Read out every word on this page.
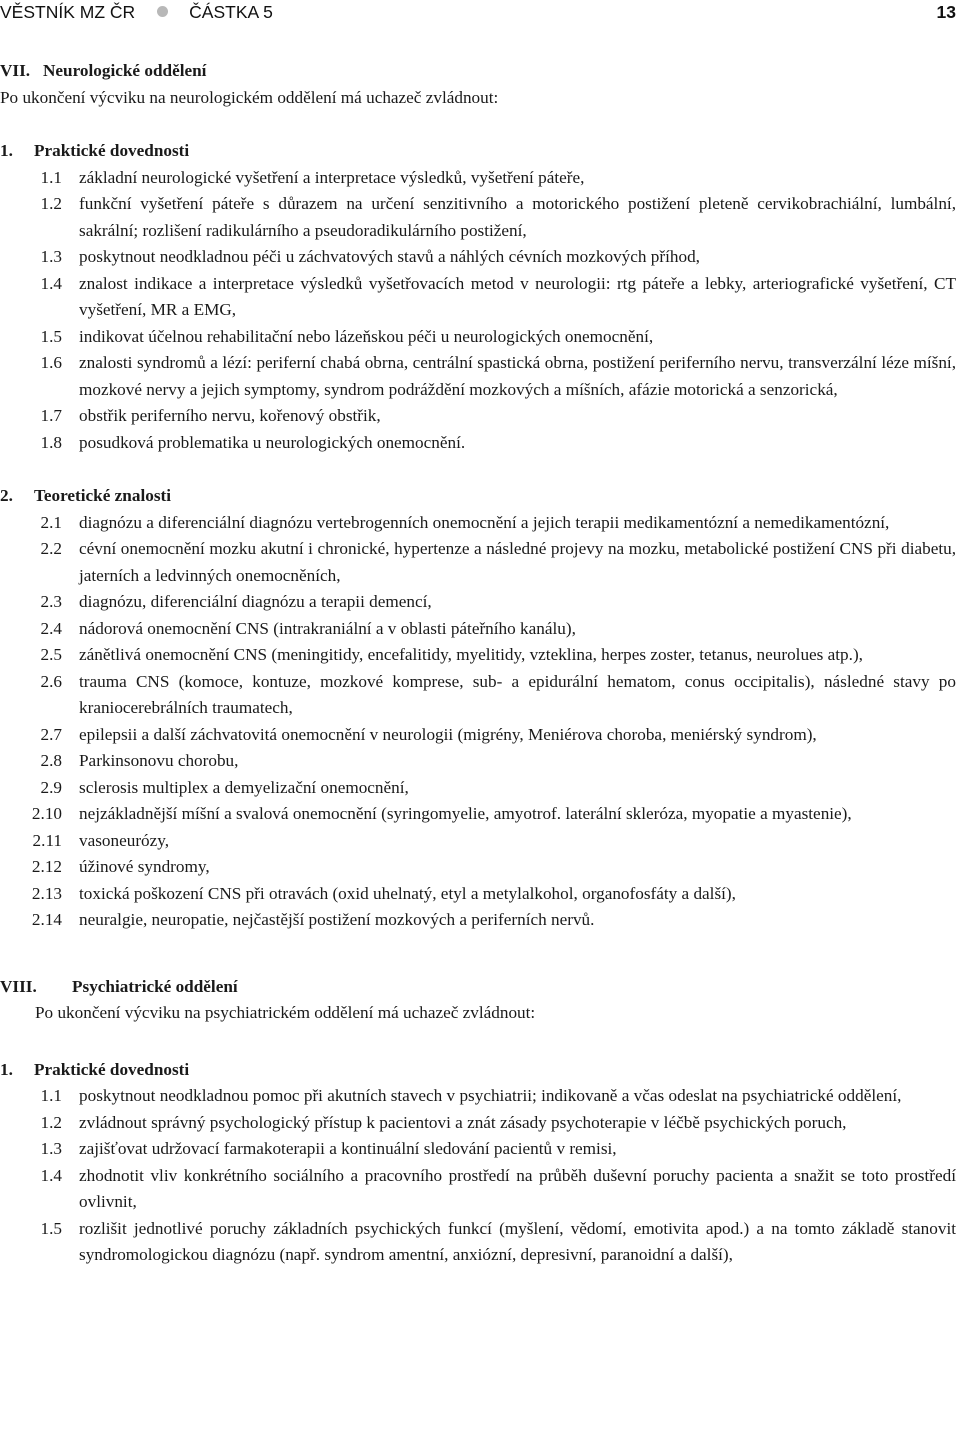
VĚSTNÍK MZ ČR	ČÁSTKA 5	13
VII. Neurologické oddělení
Po ukončení výcviku na neurologickém oddělení má uchazeč zvládnout:
1. Praktické dovednosti
1.1 základní neurologické vyšetření a interpretace výsledků, vyšetření páteře,
1.2 funkční vyšetření páteře s důrazem na určení senzitivního a motorického postižení pleteně cervikobrachiální, lumbální, sakrální; rozlišení radikulárního a pseudoradikulárního postižení,
1.3 poskytnout neodkladnou péči u záchvatových stavů a náhlých cévních mozkových příhod,
1.4 znalost indikace a interpretace výsledků vyšetřovacích metod v neurologii: rtg páteře a lebky, arteriografické vyšetření, CT vyšetření, MR a EMG,
1.5 indikovat účelnou rehabilitační nebo lázeňskou péči u neurologických onemocnění,
1.6 znalosti syndromů a lézí: periferní chabá obrna, centrální spastická obrna, postižení periferního nervu, transverzální léze míšní, mozkové nervy a jejich symptomy, syndrom podráždění mozkových a míšních, afázie motorická a senzorická,
1.7 obstřik periferního nervu, kořenový obstřik,
1.8 posudková problematika u neurologických onemocnění.
2. Teoretické znalosti
2.1 diagnózu a diferenciální diagnózu vertebrogenních onemocnění a jejich terapii medikamentózní a nemedikamentózní,
2.2 cévní onemocnění mozku akutní i chronické, hypertenze a následné projevy na mozku, metabolické postižení CNS při diabetu, jaterních a ledvinných onemocněních,
2.3 diagnózu, diferenciální diagnózu a terapii demencí,
2.4 nádorová onemocnění CNS (intrakraniální a v oblasti páteřního kanálu),
2.5 zánětlivá onemocnění CNS (meningitidy, encefalitidy, myelitidy, vzteklina, herpes zoster, tetanus, neurolues atp.),
2.6 trauma CNS (komoce, kontuze, mozkové komprese, sub- a epidurální hematom, conus occipitalis), následné stavy po kraniocerebrálních traumatech,
2.7 epilepsii a další záchvatovitá onemocnění v neurologii (migrény, Meniérova choroba, meniérský syndrom),
2.8 Parkinsonovu chorobu,
2.9 sclerosis multiplex a demyelizační onemocnění,
2.10 nejzákladnější míšní a svalová onemocnění (syringomyelie, amyotrof. laterální skleróza, myopatie a myastenie),
2.11 vasoneurózy,
2.12 úžinové syndromy,
2.13 toxická poškození CNS při otravách (oxid uhelnatý, etyl a metylalkohol, organofosfáty a další),
2.14 neuralgie, neuropatie, nejčastější postižení mozkových a periferních nervů.
VIII. Psychiatrické oddělení
Po ukončení výcviku na psychiatrickém oddělení má uchazeč zvládnout:
1. Praktické dovednosti
1.1 poskytnout neodkladnou pomoc při akutních stavech v psychiatrii; indikovaně a včas odeslat na psychiatrické oddělení,
1.2 zvládnout správný psychologický přístup k pacientovi a znát zásady psychoterapie v léčbě psychických poruch,
1.3 zajišťovat udržovací farmakoterapii a kontinuální sledování pacientů v remisi,
1.4 zhodnotit vliv konkrétního sociálního a pracovního prostředí na průběh duševní poruchy pacienta a snažit se toto prostředí ovlivnit,
1.5 rozlišit jednotlivé poruchy základních psychických funkcí (myšlení, vědomí, emotivita apod.) a na tomto základě stanovit syndromologickou diagnózu (např. syndrom amentní, anxiózní, depresivní, paranoidní a další),
